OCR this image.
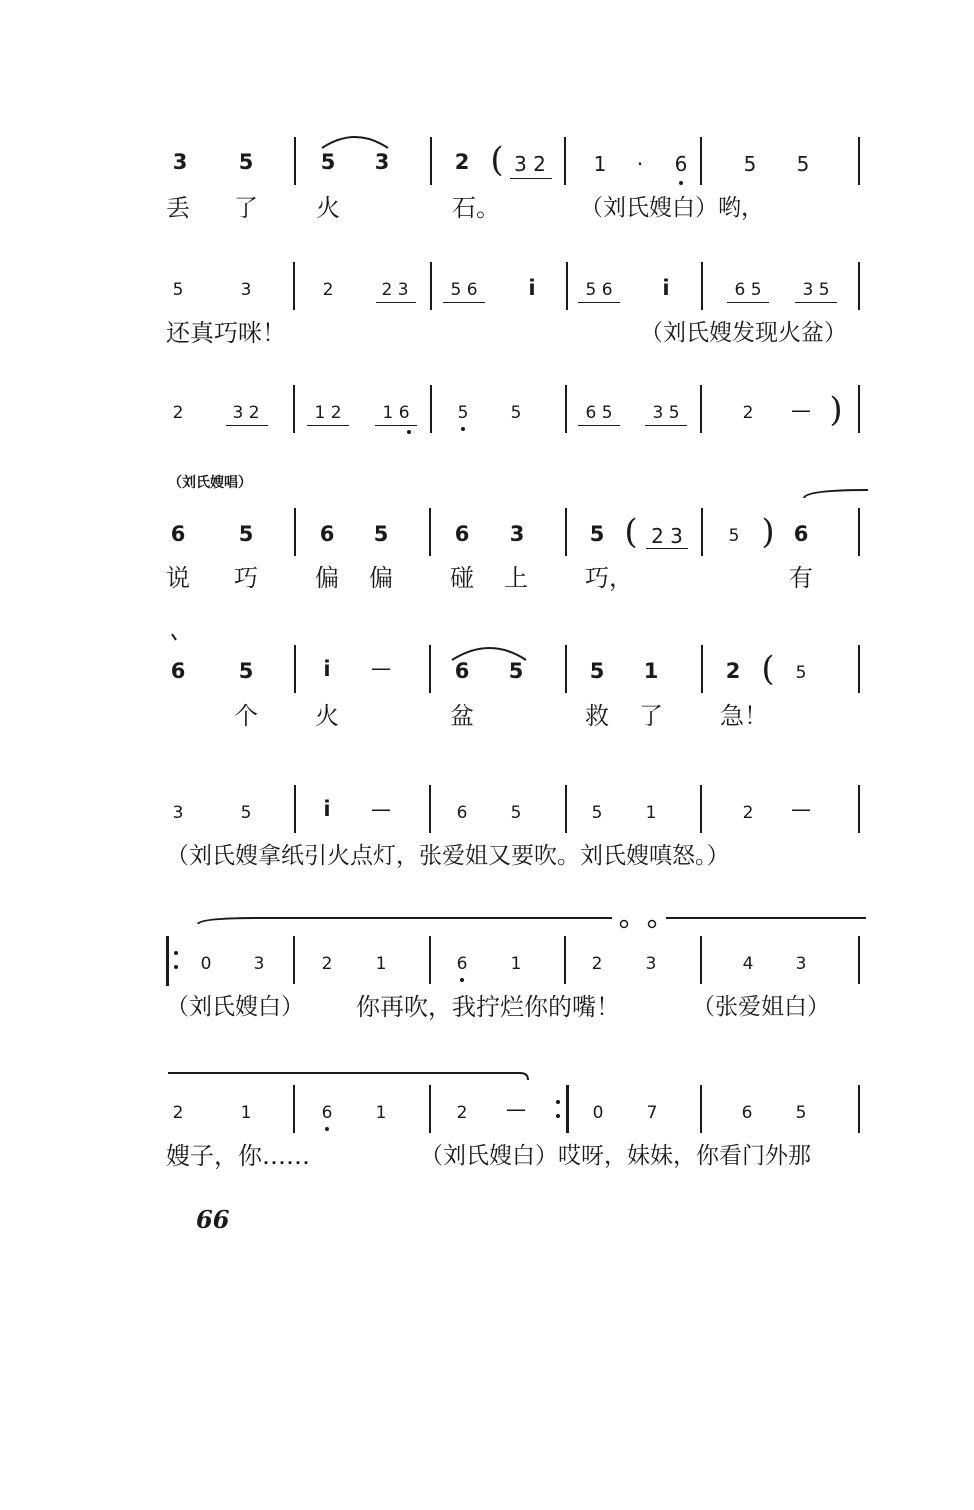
3 5	5 3	2 ( 3 2 1 · 6	5 5
丢 了 火	石。	（刘氏嫂白）哟，
5	3	2	2 3 5 6 i	5 6 i	6 5 3 5
还真巧咪！	（刘氏嫂发现火盆）
2	3 2	1 2 1 6	5 5	6 5 3 5	2 — )
（刘氏嫂唱）
6	5	6 5	6 3	5 ( 2 3	5 ) 6
说 巧 偏 偏 碰 上 巧，	有
6	5	i —	6 5	5 1	2 ( 5
个 火	盆	救 了 急！
3	5	i —	6	5	5	1	2 —
（刘氏嫂拿纸引火点灯，张爱姐又要吹。刘氏嫂嗔怒。）
0 3	2	1	6	1	2	3	4 3
（刘氏嫂白） 你再吹，我拧烂你的嘴！	（张爱姐白）
2	1	6	1	2 —	0	7	6	5
嫂子，你……	（刘氏嫂白）哎呀，妹妹，你看门外那
66
